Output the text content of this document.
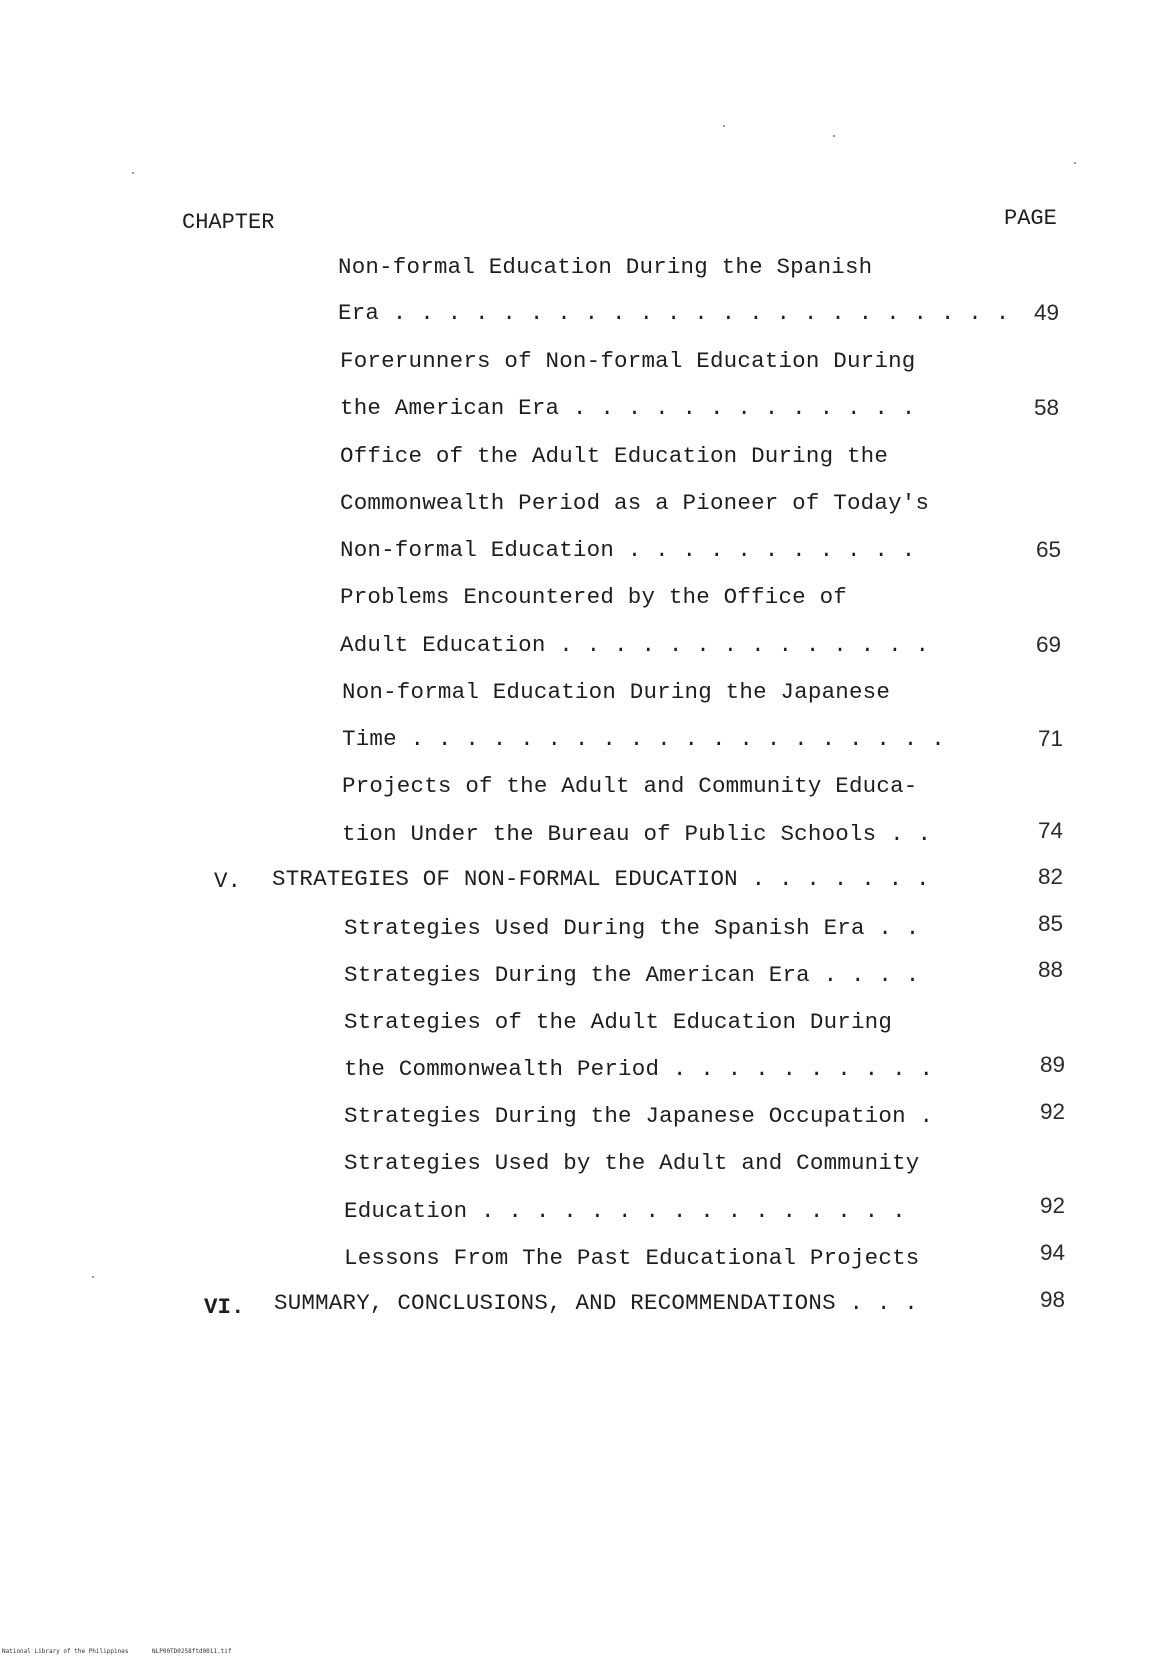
CHAPTER	PAGE
Non-formal Education During the Spanish
Era . . . . . . . . . . . . . . . . . . . . . . .
Forerunners of Non-formal Education During
the American Era . . . . . . . . . . . . .
Office of the Adult Education During the
Commonwealth Period as a Pioneer of Today's
Non-formal Education . . . . . . . . . . .
Problems Encountered by the Office of
Adult Education . . . . . . . . . . . . . .
Non-formal Education During the Japanese
Time . . . . . . . . . . . . . . . . . . . .
Projects of the Adult and Community Educa-
tion Under the Bureau of Public Schools . .
V. STRATEGIES OF NON-FORMAL EDUCATION . . . . . . .
Strategies Used During the Spanish Era . .
Strategies During the American Era . . . .
Strategies of the Adult Education During
the Commonwealth Period . . . . . . . . . .
Strategies During the Japanese Occupation .
Strategies Used by the Adult and Community
Education . . . . . . . . . . . . . . . .
Lessons From The Past Educational Projects
VI. SUMMARY, CONCLUSIONS, AND RECOMMENDATIONS . . .
49
58
65
69
71
74
82
85
88
89
92
92
94
98
National Library of the Philippines	NLP00TD0258ftd0011.tif
